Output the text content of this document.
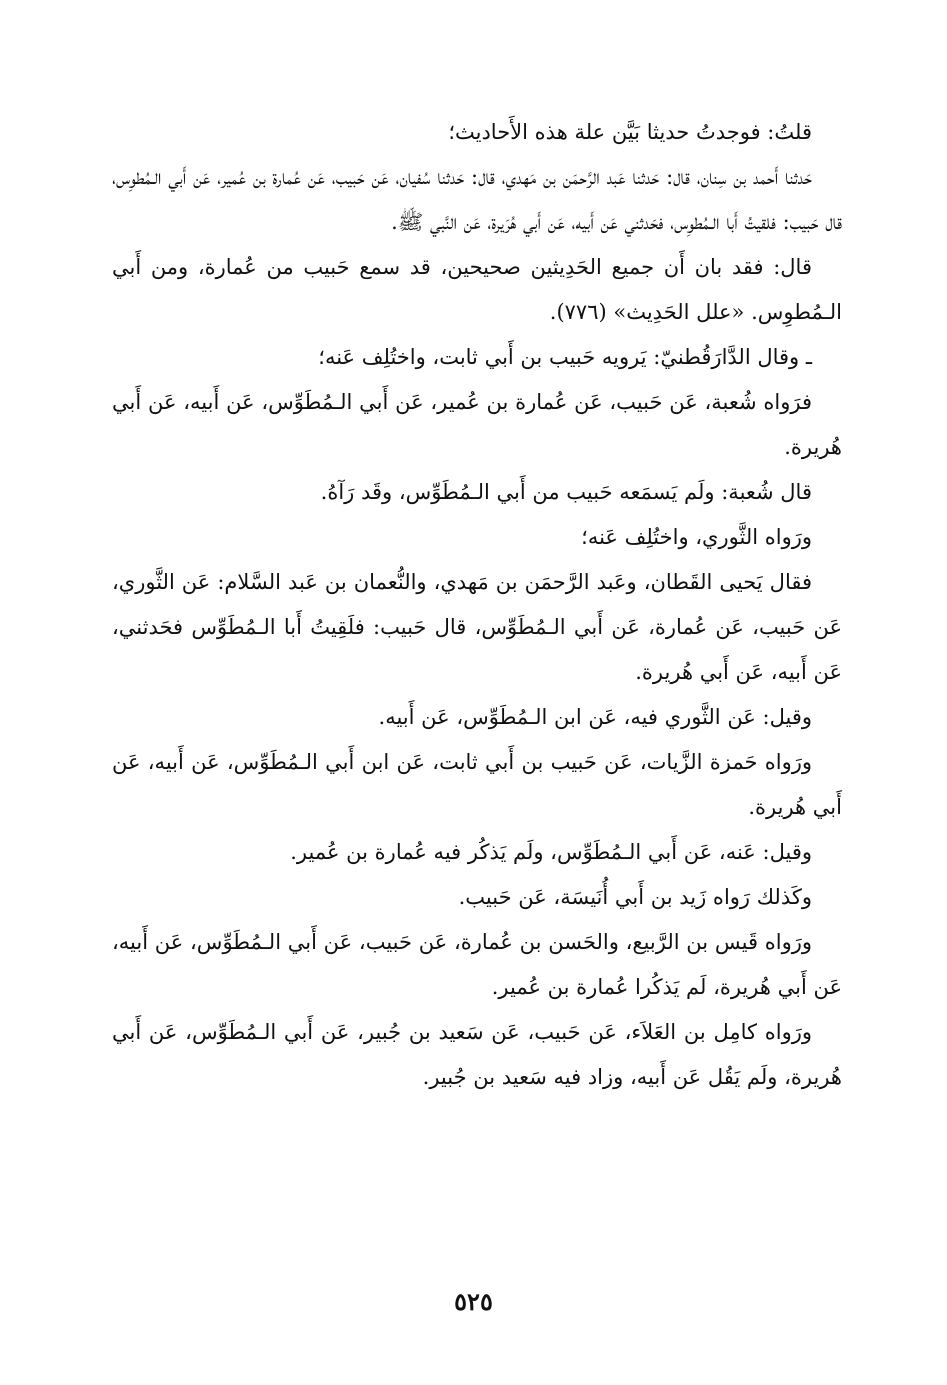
قلتُ: فوجدتُ حديثا بَيَّن علة هذه الأَحاديث؛

حَدثنا أَحمد بن سِنان، قال: حَدثنا عَبد الرَّحمَن بن مَهدي، قال: حَدثنا سُفيان، عَن حَبيب، عَن عُمارة بن عُمير، عَن أَبي الـمُطوِس، قال حَبيب: فلقيتُ أَبا الـمُطوِس، فحَدثني عَن أَبيه، عَن أَبي هُرَيرة، عَن النَّبي ﷺ.

قال: فقد بان أَن جميع الحَدِيثين صحيحين، قد سمع حَبيب من عُمارة، ومن أَبي الـمُطوِس. «علل الحَدِيث» (٧٧٦).

ـ وقال الدَّارَقُطنيّ: يَرويه حَبيب بن أَبي ثابت، واختُلِف عَنه؛

فرَواه شُعبة، عَن حَبيب، عَن عُمارة بن عُمير، عَن أَبي الـمُطَوِّس، عَن أَبيه، عَن أَبي هُريرة.

قال شُعبة: ولَم يَسمَعه حَبيب من أَبي الـمُطَوِّس، وقَد رَآهُ.

ورَواه الثَّوري، واختُلِف عَنه؛

فقال يَحيى القَطان، وعَبد الرَّحمَن بن مَهدي، والنُّعمان بن عَبد السَّلام: عَن الثَّوري، عَن حَبيب، عَن عُمارة، عَن أَبي الـمُطَوِّس، قال حَبيب: فلَقِيتُ أَبا الـمُطَوِّس فحَدثني، عَن أَبيه، عَن أَبي هُريرة.

وقيل: عَن الثَّوري فيه، عَن ابن الـمُطَوِّس، عَن أَبيه.

ورَواه حَمزة الزَّيات، عَن حَبيب بن أَبي ثابت، عَن ابن أَبي الـمُطَوِّس، عَن أَبيه، عَن أَبي هُريرة.

وقيل: عَنه، عَن أَبي الـمُطَوِّس، ولَم يَذكُر فيه عُمارة بن عُمير.

وكَذلك رَواه زَيد بن أَبي أُنَيسَة، عَن حَبيب.

ورَواه قَيس بن الرَّبيع، والحَسن بن عُمارة، عَن حَبيب، عَن أَبي الـمُطَوِّس، عَن أَبيه، عَن أَبي هُريرة، لَم يَذكُرا عُمارة بن عُمير.

ورَواه كامِل بن العَلاَء، عَن حَبيب، عَن سَعيد بن جُبير، عَن أَبي الـمُطَوِّس، عَن أَبي هُريرة، ولَم يَقُل عَن أَبيه، وزاد فيه سَعيد بن جُبير.

٥٢٥
